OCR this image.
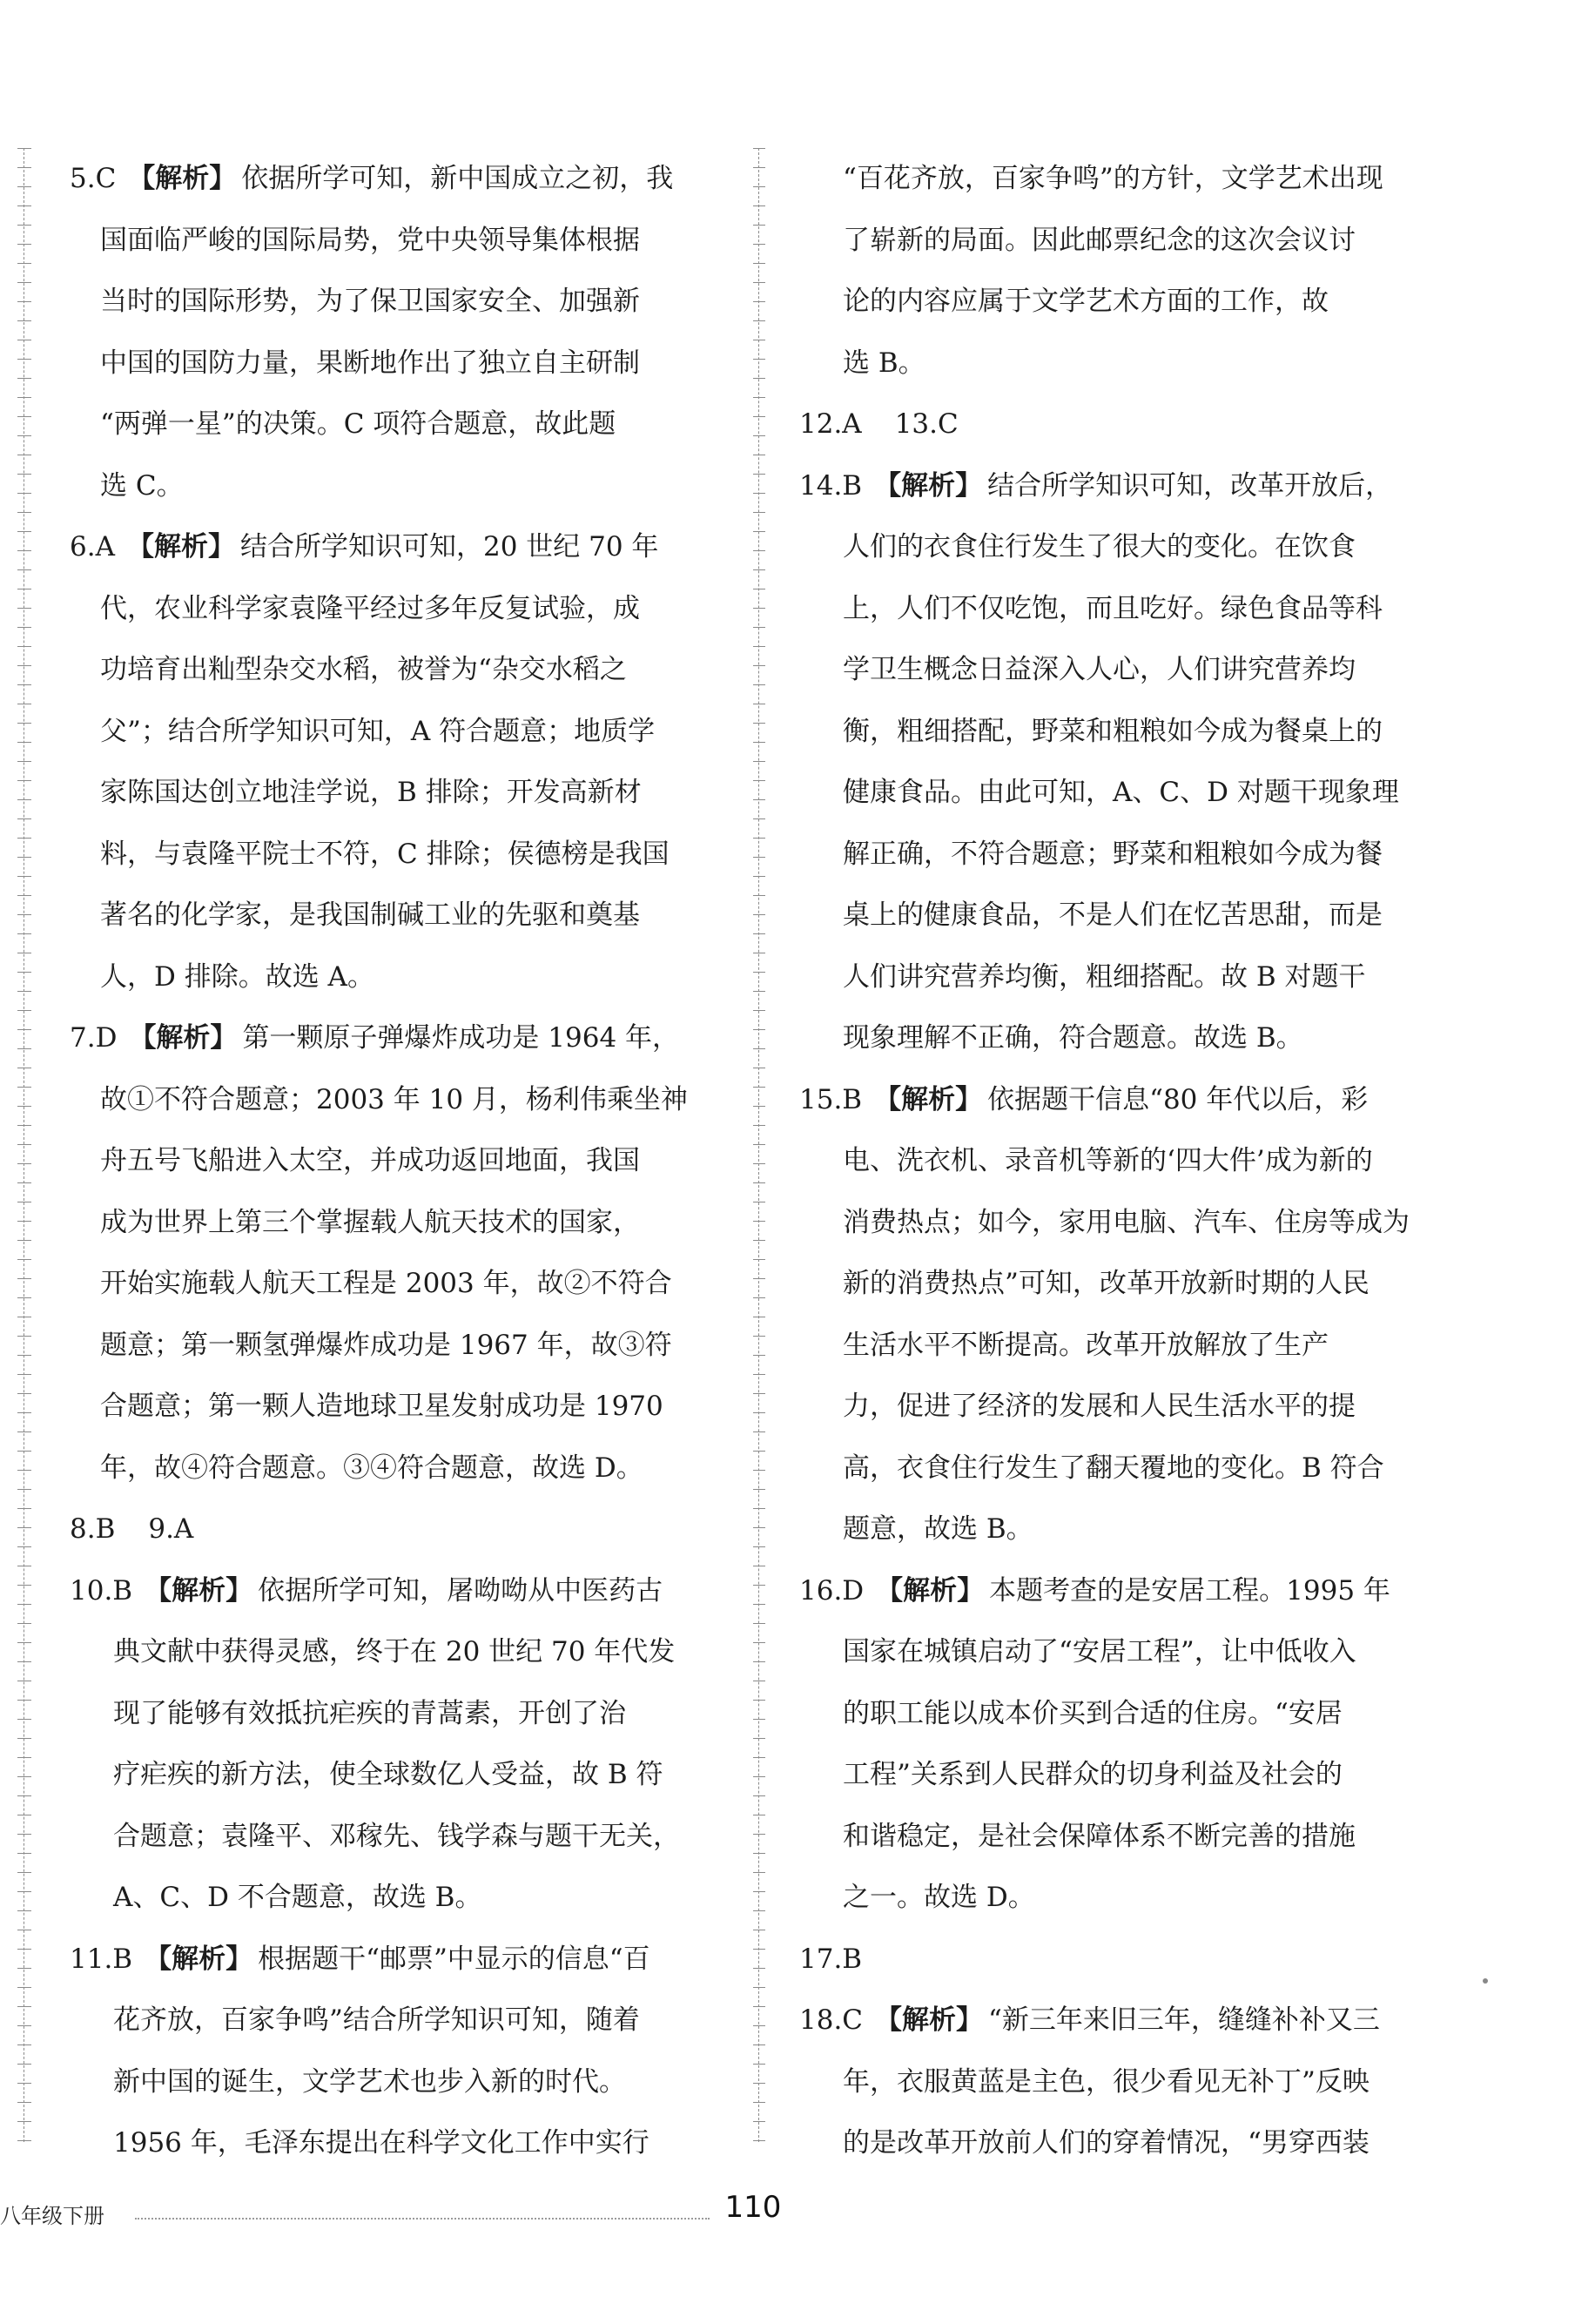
5.C 【解析】 依据所学可知，新中国成立之初，我
国面临严峻的国际局势，党中央领导集体根据
当时的国际形势，为了保卫国家安全、加强新
中国的国防力量，果断地作出了独立自主研制
“两弹一星”的决策。C 项符合题意，故此题
选 C。
6.A 【解析】 结合所学知识可知，20 世纪 70 年
代，农业科学家袁隆平经过多年反复试验，成
功培育出籼型杂交水稻，被誉为“杂交水稻之
父”；结合所学知识可知，A 符合题意；地质学
家陈国达创立地洼学说，B 排除；开发高新材
料，与袁隆平院士不符，C 排除；侯德榜是我国
著名的化学家，是我国制碱工业的先驱和奠基
人，D 排除。故选 A。
7.D 【解析】 第一颗原子弹爆炸成功是 1964 年，
故①不符合题意；2003 年 10 月，杨利伟乘坐神
舟五号飞船进入太空，并成功返回地面，我国
成为世界上第三个掌握载人航天技术的国家，
开始实施载人航天工程是 2003 年，故②不符合
题意；第一颗氢弹爆炸成功是 1967 年，故③符
合题意；第一颗人造地球卫星发射成功是 1970
年，故④符合题意。③④符合题意，故选 D。
8.B 9.A
10.B 【解析】 依据所学可知，屠呦呦从中医药古
典文献中获得灵感，终于在 20 世纪 70 年代发
现了能够有效抵抗疟疾的青蒿素，开创了治
疗疟疾的新方法，使全球数亿人受益，故 B 符
合题意；袁隆平、邓稼先、钱学森与题干无关，
A、C、D 不合题意，故选 B。
11.B 【解析】 根据题干“邮票”中显示的信息“百
花齐放，百家争鸣”结合所学知识可知，随着
新中国的诞生，文学艺术也步入新的时代。
1956 年，毛泽东提出在科学文化工作中实行
“百花齐放，百家争鸣”的方针，文学艺术出现
了崭新的局面。因此邮票纪念的这次会议讨
论的内容应属于文学艺术方面的工作，故
选 B。
12.A 13.C
14.B 【解析】 结合所学知识可知，改革开放后，
人们的衣食住行发生了很大的变化。在饮食
上，人们不仅吃饱，而且吃好。绿色食品等科
学卫生概念日益深入人心，人们讲究营养均
衡，粗细搭配，野菜和粗粮如今成为餐桌上的
健康食品。由此可知，A、C、D 对题干现象理
解正确，不符合题意；野菜和粗粮如今成为餐
桌上的健康食品，不是人们在忆苦思甜，而是
人们讲究营养均衡，粗细搭配。故 B 对题干
现象理解不正确，符合题意。故选 B。
15.B 【解析】 依据题干信息“80 年代以后，彩
电、洗衣机、录音机等新的‘四大件’成为新的
消费热点；如今，家用电脑、汽车、住房等成为
新的消费热点”可知，改革开放新时期的人民
生活水平不断提高。改革开放解放了生产
力，促进了经济的发展和人民生活水平的提
高，衣食住行发生了翻天覆地的变化。B 符合
题意，故选 B。
16.D 【解析】 本题考查的是安居工程。1995 年
国家在城镇启动了“安居工程”，让中低收入
的职工能以成本价买到合适的住房。“安居
工程”关系到人民群众的切身利益及社会的
和谐稳定，是社会保障体系不断完善的措施
之一。故选 D。
17.B
18.C 【解析】 “新三年来旧三年，缝缝补补又三
年，衣服黄蓝是主色，很少看见无补丁”反映
的是改革开放前人们的穿着情况，“男穿西装
八年级下册	110
